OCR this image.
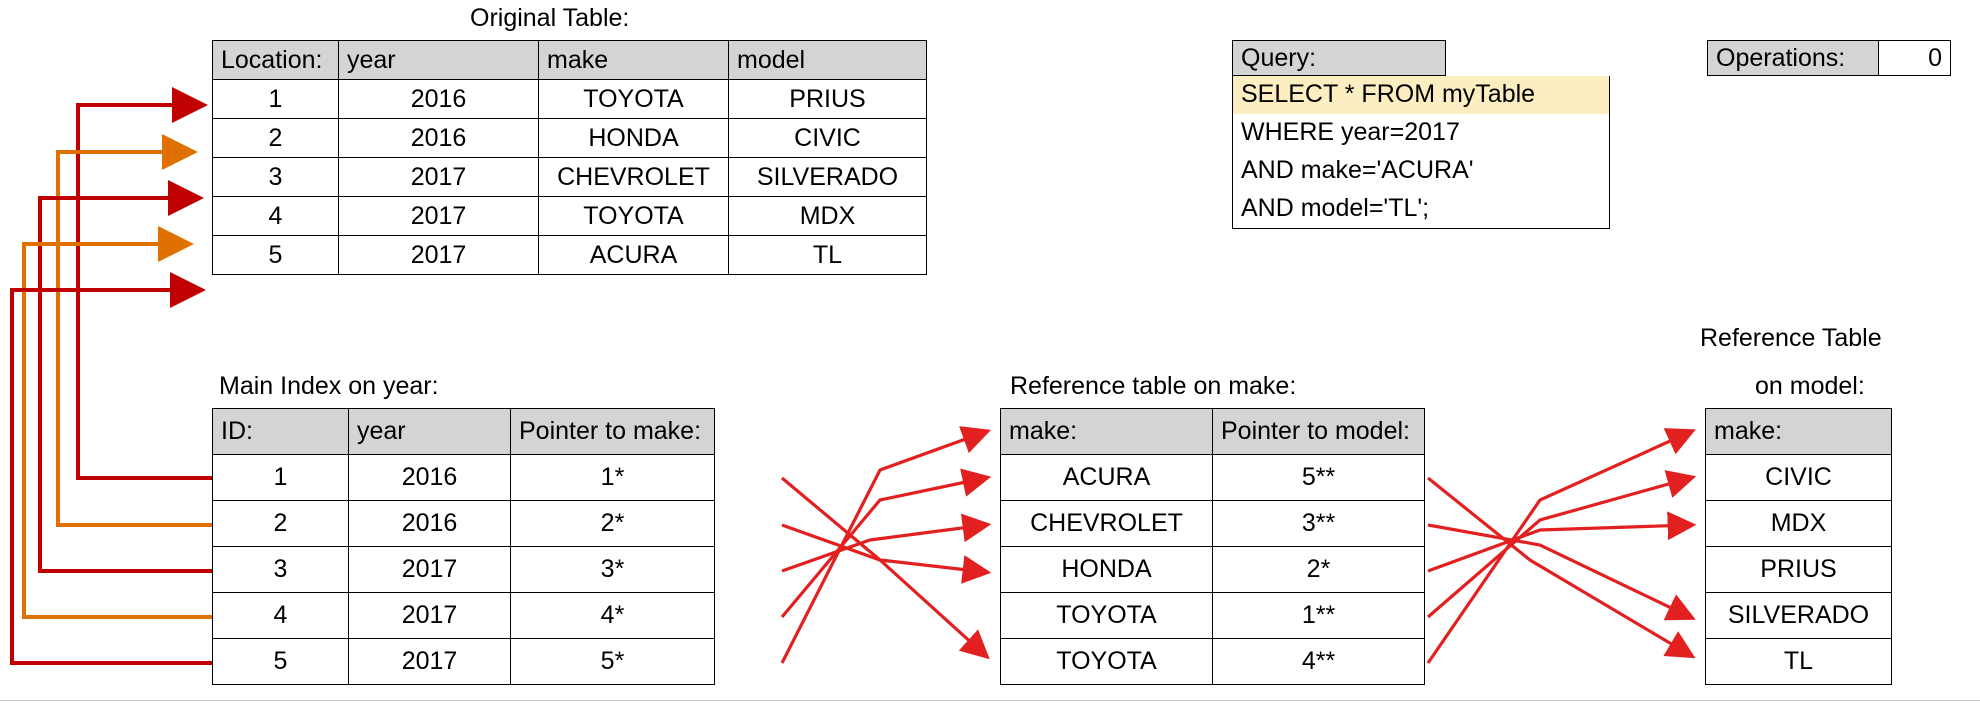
Original Table:
Main Index on year:	Reference table on make:
Reference Table
on model:
Location:	year	make	model
1	2016	TOYOTA	PRIUS
2	2016	HONDA	CIVIC
3	2017	CHEVROLET	SILVERADO
4	2017	TOYOTA	MDX
5	2017	ACURA	TL
ID:	year	Pointer to make:
1	2016	1*
2	2016	2*
3	2017	3*
4	2017	4*
5	2017	5*
make:	Pointer to model:
ACURA	5**
CHEVROLET	3**
HONDA	2*
TOYOTA	1**
TOYOTA	4**
make:
CIVIC
MDX
PRIUS
SILVERADO
TL
Query:
SELECT * FROM myTable
WHERE year=2017
AND make='ACURA'
AND model='TL';
Operations:	0
